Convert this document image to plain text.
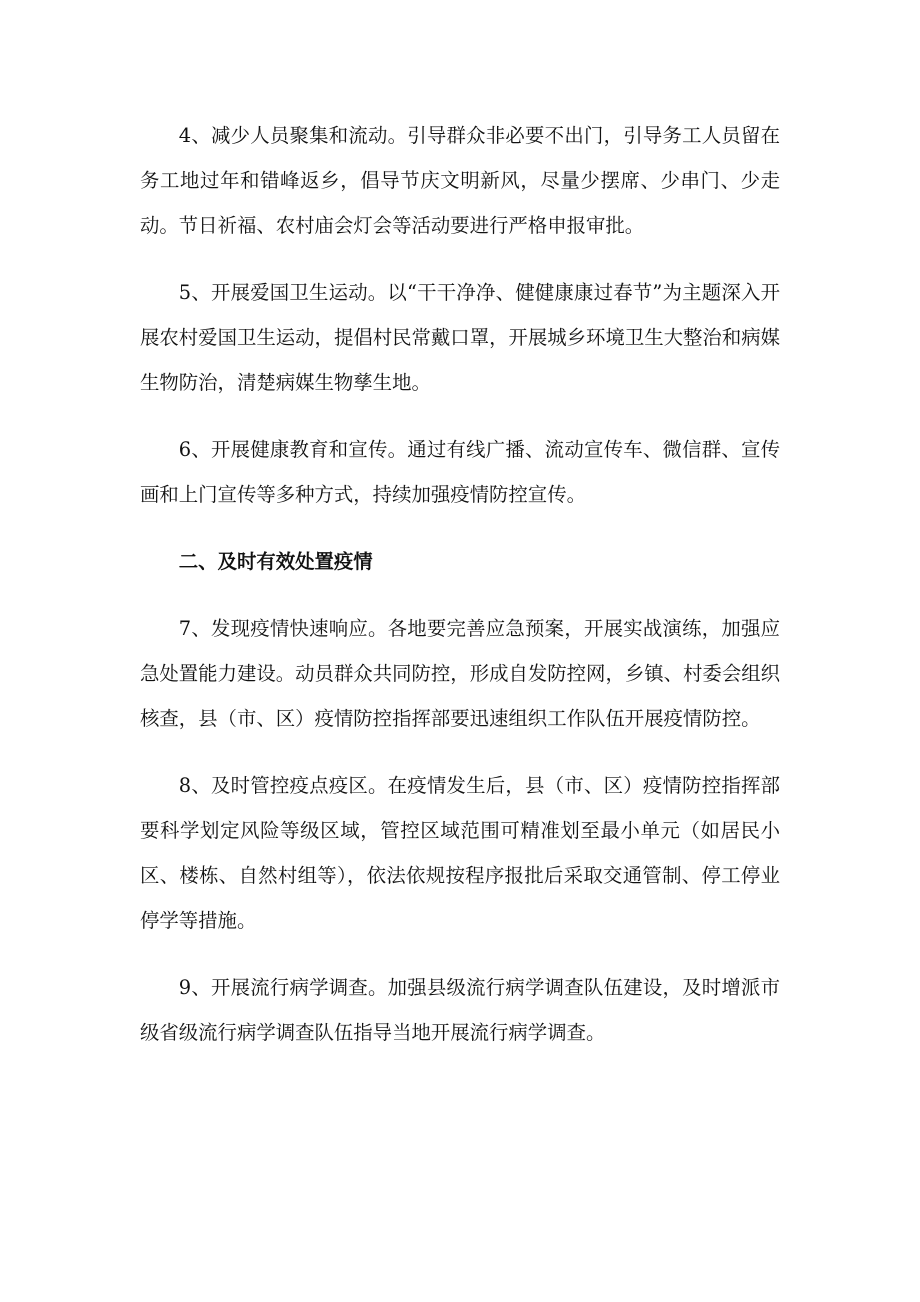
4、减少人员聚集和流动。引导群众非必要不出门，引导务工人员留在务工地过年和错峰返乡，倡导节庆文明新风，尽量少摆席、少串门、少走动。节日祈福、农村庙会灯会等活动要进行严格申报审批。

5、开展爱国卫生运动。以“干干净净、健健康康过春节”为主题深入开展农村爱国卫生运动，提倡村民常戴口罩，开展城乡环境卫生大整治和病媒生物防治，清楚病媒生物孳生地。

6、开展健康教育和宣传。通过有线广播、流动宣传车、微信群、宣传画和上门宣传等多种方式，持续加强疫情防控宣传。

二、及时有效处置疫情

7、发现疫情快速响应。各地要完善应急预案，开展实战演练，加强应急处置能力建设。动员群众共同防控，形成自发防控网，乡镇、村委会组织核查，县（市、区）疫情防控指挥部要迅速组织工作队伍开展疫情防控。

8、及时管控疫点疫区。在疫情发生后，县（市、区）疫情防控指挥部要科学划定风险等级区域，管控区域范围可精准划至最小单元（如居民小区、楼栋、自然村组等），依法依规按程序报批后采取交通管制、停工停业停学等措施。

9、开展流行病学调查。加强县级流行病学调查队伍建设，及时增派市级省级流行病学调查队伍指导当地开展流行病学调查。
